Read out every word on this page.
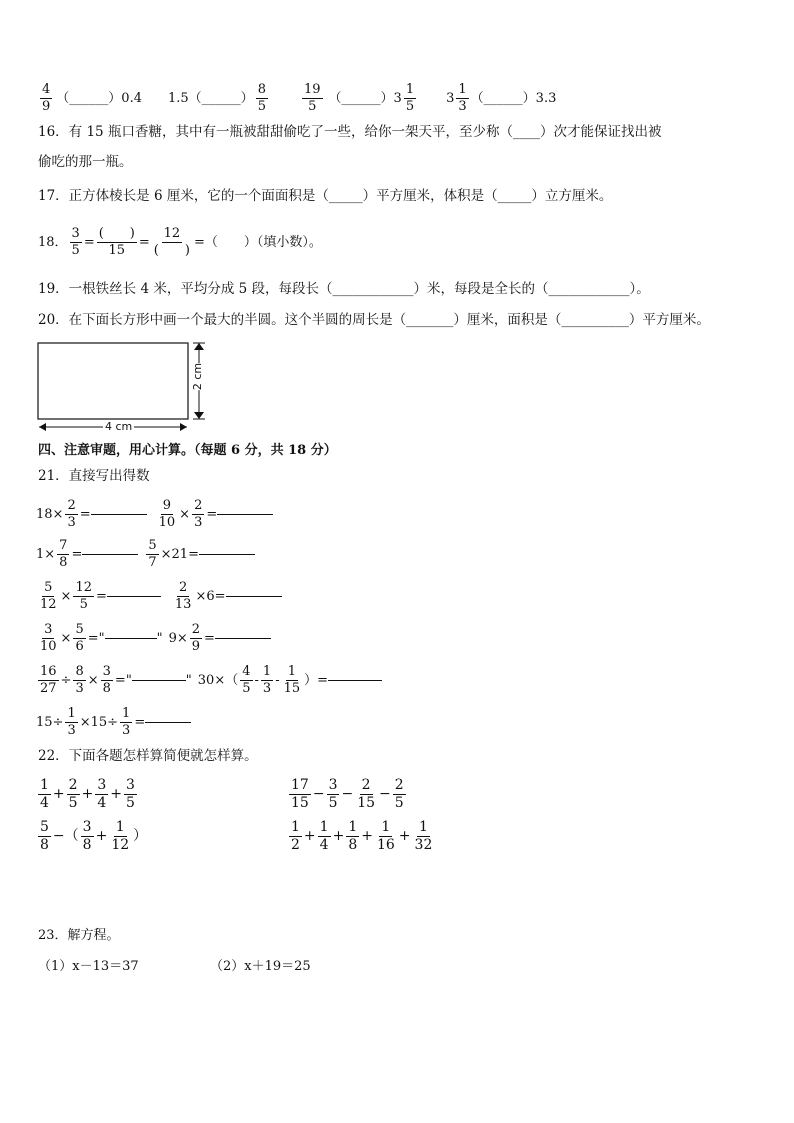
$\frac{4}{9}$ （______） 0.4 1.5 （______） $\frac{8}{5}$	$\frac{19}{5}$ （______） $3 \frac{1}{5} 3 \frac{1}{3}$ （______） 3.3
16．有 15 瓶口香糖，其中有一瓶被甜甜偷吃了一些，给你一架天平，至少称（____）次才能保证找出被
偷吃的那一瓶。
17．正方体棱长是 6 厘米，它的一个面面积是（_____）平方厘米，体积是（_____）立方厘米。
18． $\frac{3}{5} = \frac{( )}{15} = \frac{12}{( )}$ =（　　）（填小数）。
19．一根铁丝长 4 米，平均分成 5 段，每段长（____________）米，每段是全长的（____________）。
20．在下面长方形中画一个最大的半圆。这个半圆的周长是（_______）厘米，面积是（__________）平方厘米。
4 cm
2 cm
四、注意审题，用心计算。（每题 6 分，共 18 分）
21．直接写出得数
$18\times \frac{2}{3}$ =	$\frac{9}{10} \times \frac{2}{3}$ =
$1\times \frac{7}{8}$ =	$\frac{5}{7} \times 21=$
$\frac{5}{12} \times \frac{12}{5}$ =	$\frac{2}{13} \times 6=$
$\frac{3}{10} \times \frac{5}{6}$ ="	" $9\times \frac{2}{9}$ =
$\frac{16}{27} \div \frac{8}{3} \times \frac{3}{8}$ ="	" $30\times( \frac{4}{5} - \frac{1}{3} - \frac{1}{15}$ ）=
$15\div \frac{1}{3} \times 15\div \frac{1}{3}$ =
22．下面各题怎样算简便就怎样算。
$\frac{1}{4} + \frac{2}{5} + \frac{3}{4} + \frac{3}{5}$	$\frac{17}{15} - \frac{3}{5} - \frac{2}{15} - \frac{2}{5}$
$\frac{5}{8}$ −（ $\frac{3}{8} + \frac{1}{12}$ ）	$\frac{1}{2} + \frac{1}{4} + \frac{1}{8} + \frac{1}{16} + \frac{1}{32}$
23．解方程。
（1）x－13＝37	（2）x＋19＝25
